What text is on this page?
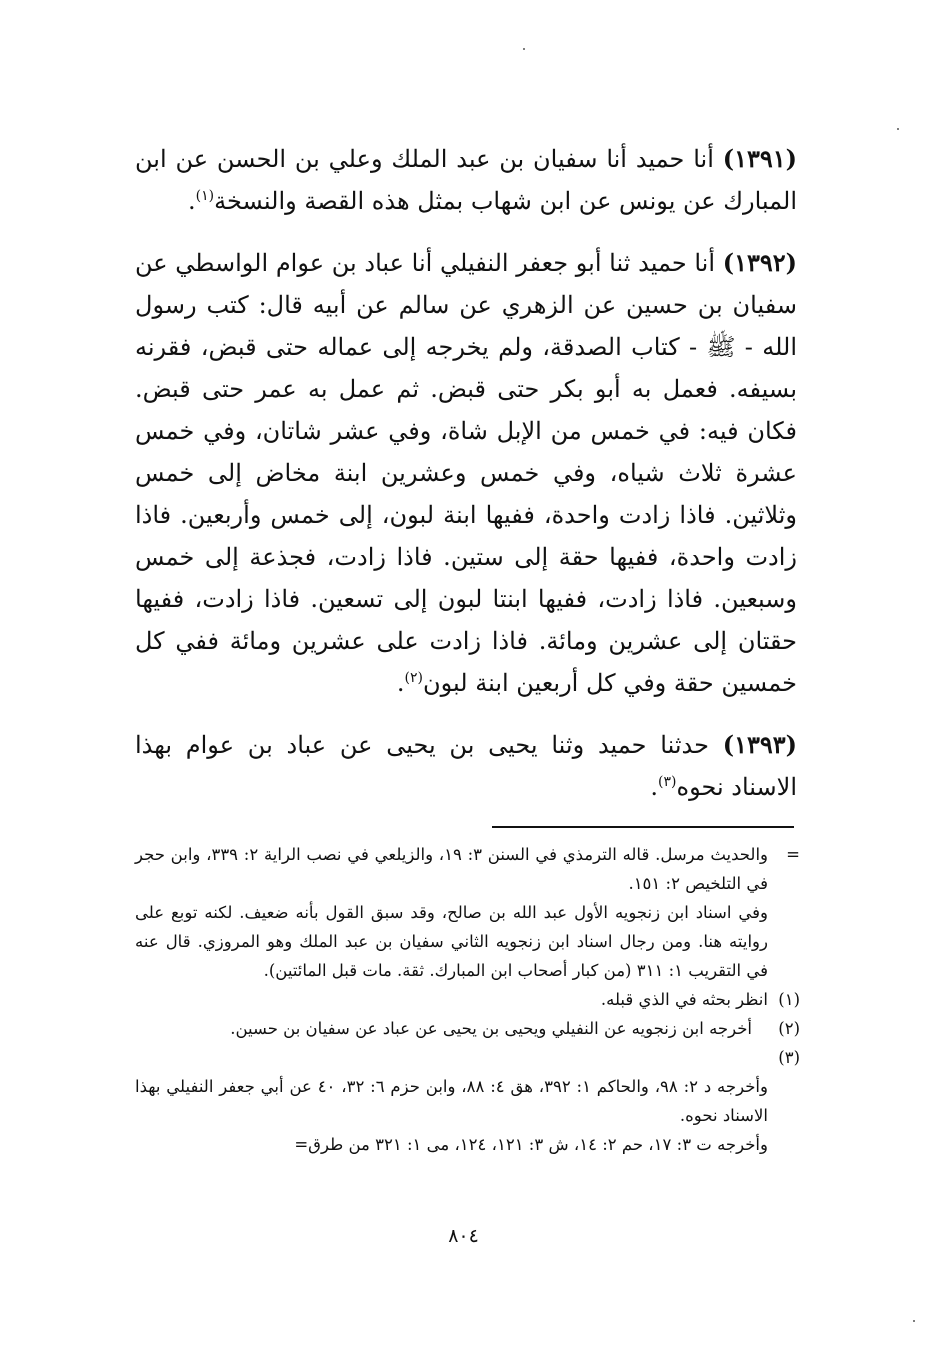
(١٣٩١) أنا حميد أنا سفيان بن عبد الملك وعلي بن الحسن عن ابن المبارك عن يونس عن ابن شهاب بمثل هذه القصة والنسخة$^{(١)}$.

(١٣٩٢) أنا حميد ثنا أبو جعفر النفيلي أنا عباد بن عوام الواسطي عن سفيان بن حسين عن الزهري عن سالم عن أبيه قال: كتب رسول الله - ﷺ - كتاب الصدقة، ولم يخرجه إلى عماله حتى قبض، فقرنه بسيفه. فعمل به أبو بكر حتى قبض. ثم عمل به عمر حتى قبض. فكان فيه: في خمس من الإبل شاة، وفي عشر شاتان، وفي خمس عشرة ثلاث شياه، وفي خمس وعشرين ابنة مخاض إلى خمس وثلاثين. فاذا زادت واحدة، ففيها ابنة لبون، إلى خمس وأربعين. فاذا زادت واحدة، ففيها حقة إلى ستين. فاذا زادت، فجذعة إلى خمس وسبعين. فاذا زادت، ففيها ابنتا لبون إلى تسعين. فاذا زادت، ففيها حقتان إلى عشرين ومائة. فاذا زادت على عشرين ومائة ففي كل خمسين حقة وفي كل أربعين ابنة لبون$^{(٢)}$.

(١٣٩٣) حدثنا حميد وثنا يحيى بن يحيى عن عباد بن عوام بهذا الاسناد نحوه$^{(٣)}$.

=
والحديث مرسل. قاله الترمذي في السنن ٣: ١٩، والزيلعي في نصب الراية ٢: ٣٣٩، وابن حجر في التلخيص ٢: ١٥١.
وفي اسناد ابن زنجويه الأول عبد الله بن صالح، وقد سبق القول بأنه ضعيف. لكنه توبع على روايته هنا. ومن رجال اسناد ابن زنجويه الثاني سفيان بن عبد الملك وهو المروزي. قال عنه في التقريب ١: ٣١١ (من كبار أصحاب ابن المبارك. ثقة. مات قبل المائتين).
(١)
انظر بحثه في الذي قبله.
(٢) (٣)
أخرجه ابن زنجويه عن النفيلي ويحيى بن يحيى عن عباد عن سفيان بن حسين.
وأخرجه د ٢: ٩٨، والحاكم ١: ٣٩٢، هق ٤: ٨٨، وابن حزم ٦: ٣٢، ٤٠ عن أبي جعفر النفيلي بهذا الاسناد نحوه.
وأخرجه ت ٣: ١٧، حم ٢: ١٤، ش ٣: ١٢١، ١٢٤، مى ١: ٣٢١ من طرق=
٨٠٤
